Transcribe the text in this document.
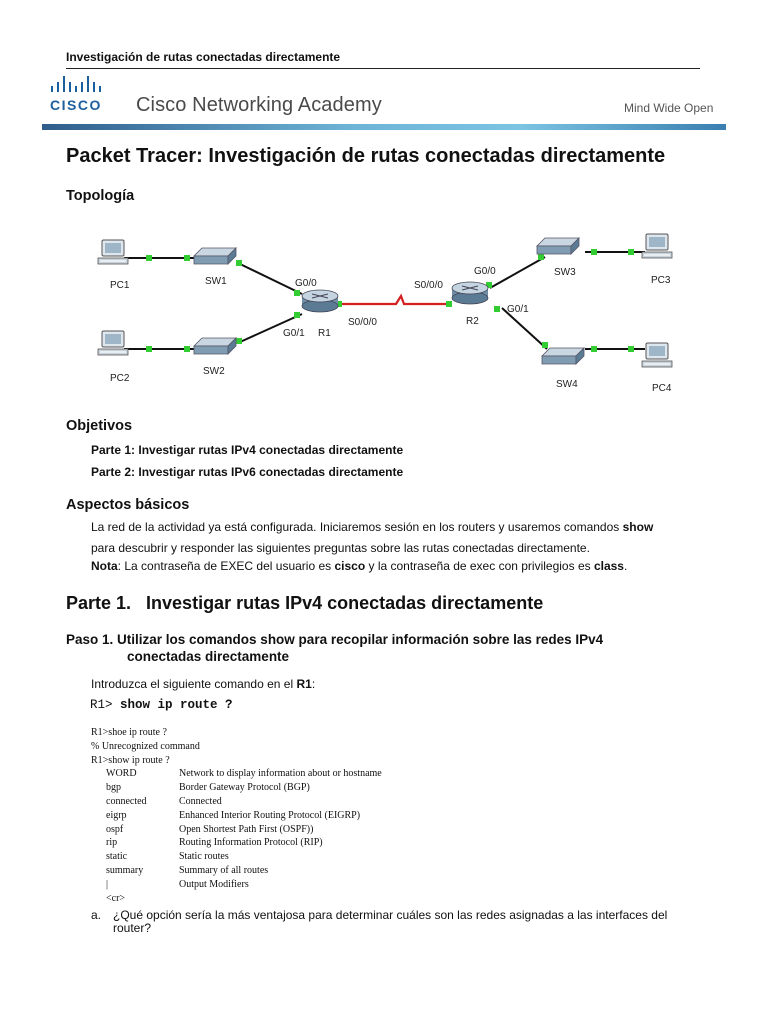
Investigación de rutas conectadas directamente
CISCO Cisco Networking Academy	Mind Wide Open
Packet Tracer: Investigación de rutas conectadas directamente
Topología
PC1	SW1
PC2
SW2
R1
R2
SW3
PC3
SW4	PC4
G0/0
G0/1
S0/0/0
S0/0/0
G0/0
G0/1
Objetivos
Parte 1: Investigar rutas IPv4 conectadas directamente
Parte 2: Investigar rutas IPv6 conectadas directamente
Aspectos básicos
La red de la actividad ya está configurada. Iniciaremos sesión en los routers y usaremos comandos show
para descubrir y responder las siguientes preguntas sobre las rutas conectadas directamente.
Nota: La contraseña de EXEC del usuario es cisco y la contraseña de exec con privilegios es class.
Parte 1.   Investigar rutas IPv4 conectadas directamente
Paso 1. Utilizar los comandos show para recopilar información sobre las redes IPv4
conectadas directamente
Introduzca el siguiente comando en el R1:
R1> show ip route ?
R1>shoe ip route ?
% Unrecognized command
R1>show ip route ?
WORD	Network to display information about or hostname
bgp	Border Gateway Protocol (BGP)
connected	Connected
eigrp	Enhanced Interior Routing Protocol (EIGRP)
ospf	Open Shortest Path First (OSPF))
rip	Routing Information Protocol (RIP)
static	Static routes
summary	Summary of all routes
|	Output Modifiers
<cr>
a. ¿Qué opción sería la más ventajosa para determinar cuáles son las redes asignadas a las interfaces del router?
